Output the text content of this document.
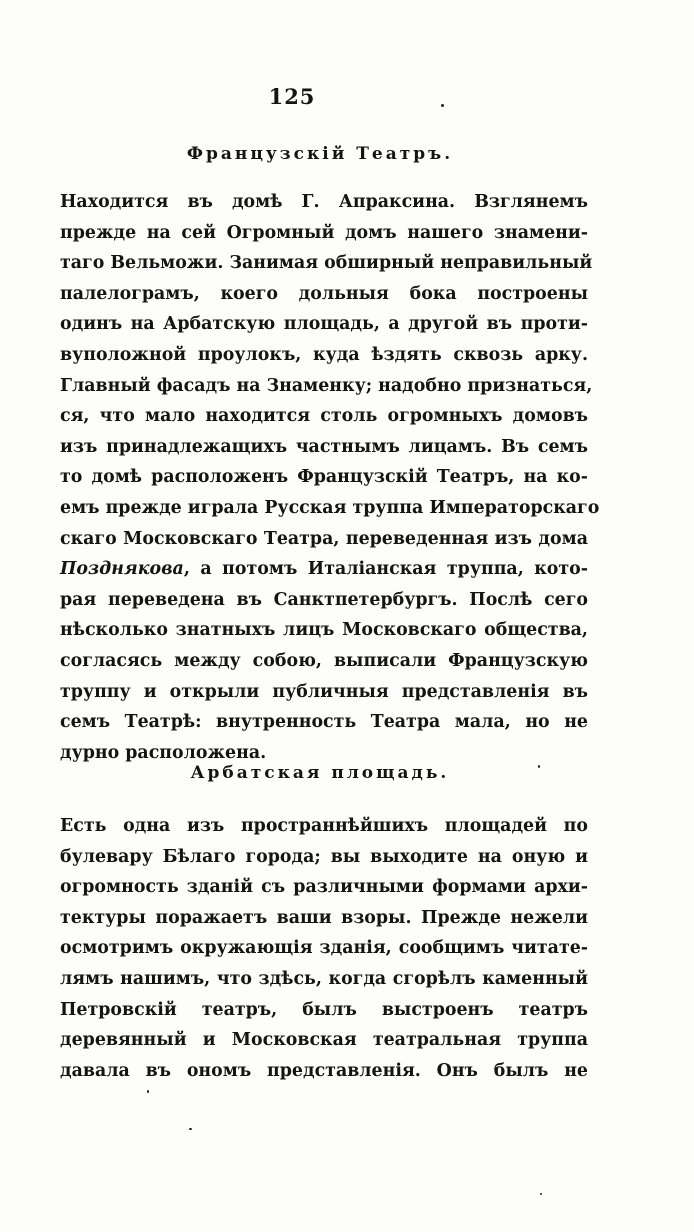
125
Французскій Театръ.
Находится въ домѣ Г. Апраксина. Взглянемъ
прежде на сей Огромный домъ нашего знамени-
тaго Вельможи. Занимая обширный неправильный
палелограмъ, коего дольныя бока построены
одинъ на Арбатскую площадь, а другой въ проти-
вуположной проулокъ, куда ѣздять сквозь арку.
Главный фасадъ на Знаменку; надобно признаться,
ся, что мало находится столь огромныхъ домовъ
изъ принадлежащихъ частнымъ лицамъ. Въ семъ
то домѣ расположенъ Французскій Театръ, на ко-
емъ прежде играла Русская труппа Императорскаго
скаго Московскаго Театра, переведенная изъ дома
Позднякова, а потомъ Италіанская труппа, кото-
рая переведена въ Санктпетербургъ. Послѣ сего
нѣсколько знатныхъ лицъ Московскаго общества,
согласясь между собою, выписали Французскую
труппу и открыли публичныя представленія въ
семъ Театрѣ: внутренность Театра мала, но не
дурно расположена.
Арбатская площадь.
Есть одна изъ пространнѣйшихъ площадей по
булевару Бѣлаго города; вы выходите на оную и
огромность зданій съ различными формами архи-
тектуры поражаетъ ваши взоры. Прежде нежели
осмотримъ окружающія зданія, сообщимъ читате-
лямъ нашимъ, что здѣсь, когда сгорѣлъ каменный
Петровскій театръ, былъ выстроенъ театръ
деревянный и Московская театральная труппа
давала въ ономъ представленія. Онъ былъ не
